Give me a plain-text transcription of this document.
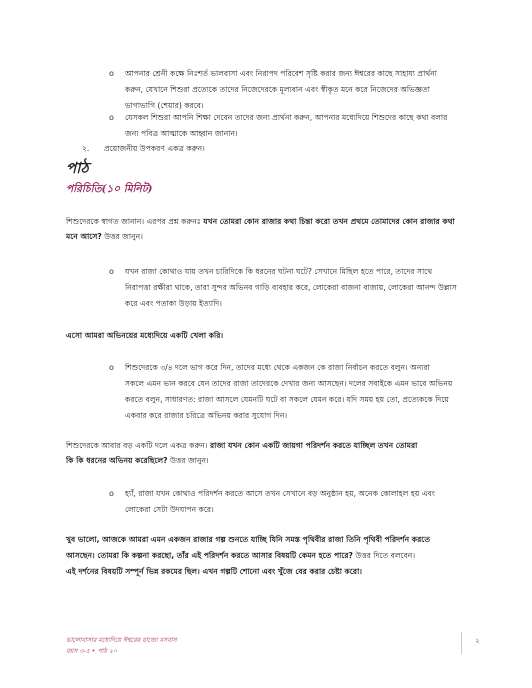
o	আপনার শ্রেনী কক্ষে নিঃশর্ত ভালবাসা এবং নিরাপদ পরিবেশ সৃষ্টি করার জন্য ঈশ্বরের কাছে সাহায্য প্রার্থনা
করুন, যেখানে শিশুরা প্রত্যেকে তাদের নিজেদেরকে মূল্যবান এবং স্বীকৃত মনে করে নিজেদের অভিজ্ঞতা
ভাগাভাগি (শেয়ার) করবে।
o	যেসকল শিশুরা আপনি শিক্ষা দেবেন তাদের জন্য প্রার্থনা করুন, আপনার মধ্যেদিয়ে শিশুদের কাছে কথা বলার
জন্য পবিত্র আত্মাকে আহ্বান জানান।
২.	প্রয়োজনীয় উপকরণ একত্র করুন।
পাঠ
পরিচিতি(১০ মিনিট)
শিশুদেরকে স্বাগত জানান। এরপর প্রশ্ন করুনঃ যখন তোমরা কোন রাজার কথা চিন্তা করো তখন প্রথমে তোমাদের কোন রাজার কথা
মনে আসে? উত্তর জানুন।
o	যখন রাজা কোথাও যায় তখন চারিদিকে কি ধরনের ঘটনা ঘটে? সেখানে মিছিল হতে পারে, তাদের সাথে
নিরাপত্তা রক্ষীরা থাকে, তারা সুন্দর অভিনব গাড়ি ব্যবহার করে, লোকেরা বাজনা বাজায়, লোকেরা আনন্দ উল্লাস
করে এবং পতাকা উড়ায় ইত্যাদি।
এসো আমরা অভিনয়ের মধ্যেদিয়ে একটি খেলা করি।
o	শিশুদেরকে ৩/৪ দলে ভাগ করে দিন, তাদের মধ্যে থেকে একজন কে রাজা নির্বাচন করতে বলুন। অন্যরা
সকলে এমন ভান করবে যেন তাদের রাজা তাদেরকে দেখার জন্য আসছেন। দলের সবাইকে এমন ভাবে অভিনয়
করতে বলুন, সাধারণত: রাজা আসলে যেমনটি ঘটে বা সকলে যেমন করে। যদি সময় হয় তো, প্রত্যেককে দিয়ে
একবার করে রাজার চরিত্রে অভিনয় করার সুযোগ দিন।
শিশুদেরকে আবার বড় একটি দলে একত্র করুন। রাজা যখন কোন একটি জায়গা পরিদর্শন করতে যাচ্ছিল তখন তোমরা
কি কি ধরনের অভিনয় করেছিলে? উত্তর জানুন।
o	হ্যাঁ, রাজা যখন কোথাও পরিদর্শন করতে আসে তখন সেখানে বড় অনুষ্ঠান হয়, অনেক কোলাহল হয় এবং
লোকেরা সেটা উদযাপন করে।
খুব ভালো, আজকে আমরা এমন একজন রাজার গল্প শুনতে যাচ্ছি যিনি সমস্ত পৃথিবীর রাজা তিনি পৃথিবী পরিদর্শন করতে
আসছেন। তোমরা কি কল্পনা করছো, তাঁর এই পরিদর্শন করতে আসার বিষয়টি কেমন হতে পারে? উত্তর দিতে বলবেন।
এই দর্শনের বিষয়টি সম্পূর্ন ভিন্ন রকমের ছিল। এখন গল্পটি শোনো এবং খুঁজে বের করার চেষ্টা করো।
ভালোবাসার মধ্যেদিয়ে ঈশ্বরের রাজ্যে বসবাস
বয়স ৩-৫ • পাঠ ২০
২
